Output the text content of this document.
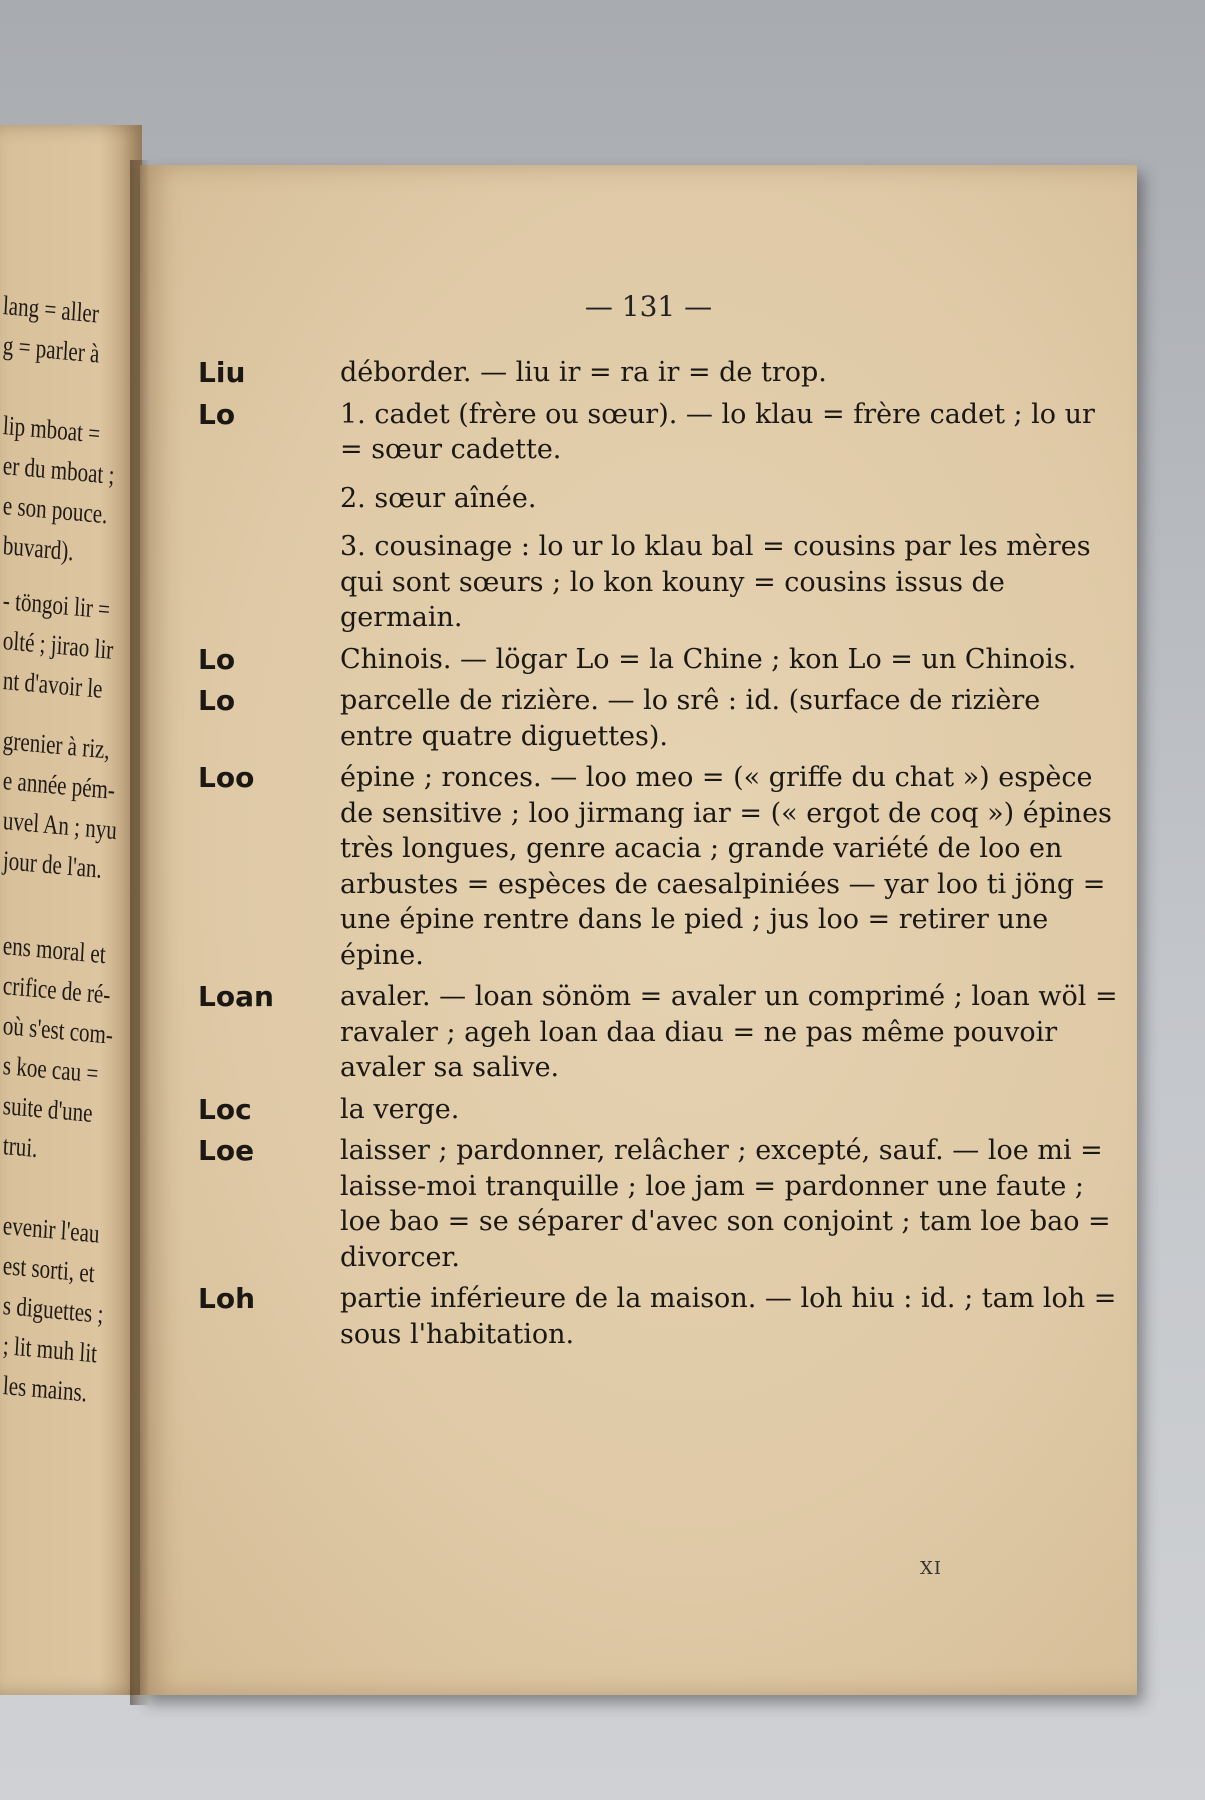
lang = aller
g = parler à
lip mboat =
er du mboat ;
e son pouce.
buvard).
- töngoi lir =
olté ; jirao lir
nt d'avoir le
grenier à riz,
e année pém-
uvel An ; nyu
jour de l'an.
ens moral et
crifice de ré-
où s'est com-
s koe cau =
suite d'une
trui.
evenir l'eau
est sorti, et
s diguettes ;
; lit muh lit
les mains.
— 131 —
Liu	déborder. — liu ir = ra ir = de trop.
Lo	1. cadet (frère ou sœur). — lo klau = frère cadet ; lo ur = sœur cadette.
2. sœur aînée.
3. cousinage : lo ur lo klau bal = cousins par les mères qui sont sœurs ; lo kon kouny = cousins issus de germain.
Lo	Chinois. — lögar Lo = la Chine ; kon Lo = un Chinois.
Lo	parcelle de rizière. — lo srê : id. (surface de rizière entre quatre diguettes).
Loo	épine ; ronces. — loo meo = (« griffe du chat ») espèce de sensitive ; loo jirmang iar = (« ergot de coq ») épines très longues, genre acacia ; grande variété de loo en arbustes = espèces de caesalpiniées — yar loo ti jöng = une épine rentre dans le pied ; jus loo = retirer une épine.
Loan	avaler. — loan sönöm = avaler un comprimé ; loan wöl = ravaler ; ageh loan daa diau = ne pas même pouvoir avaler sa salive.
Loc	la verge.
Loe	laisser ; pardonner, relâcher ; excepté, sauf. — loe mi = laisse-moi tranquille ; loe jam = pardonner une faute ; loe bao = se séparer d'avec son conjoint ; tam loe bao = divorcer.
Loh	partie inférieure de la maison. — loh hiu : id. ; tam loh = sous l'habitation.
XI
